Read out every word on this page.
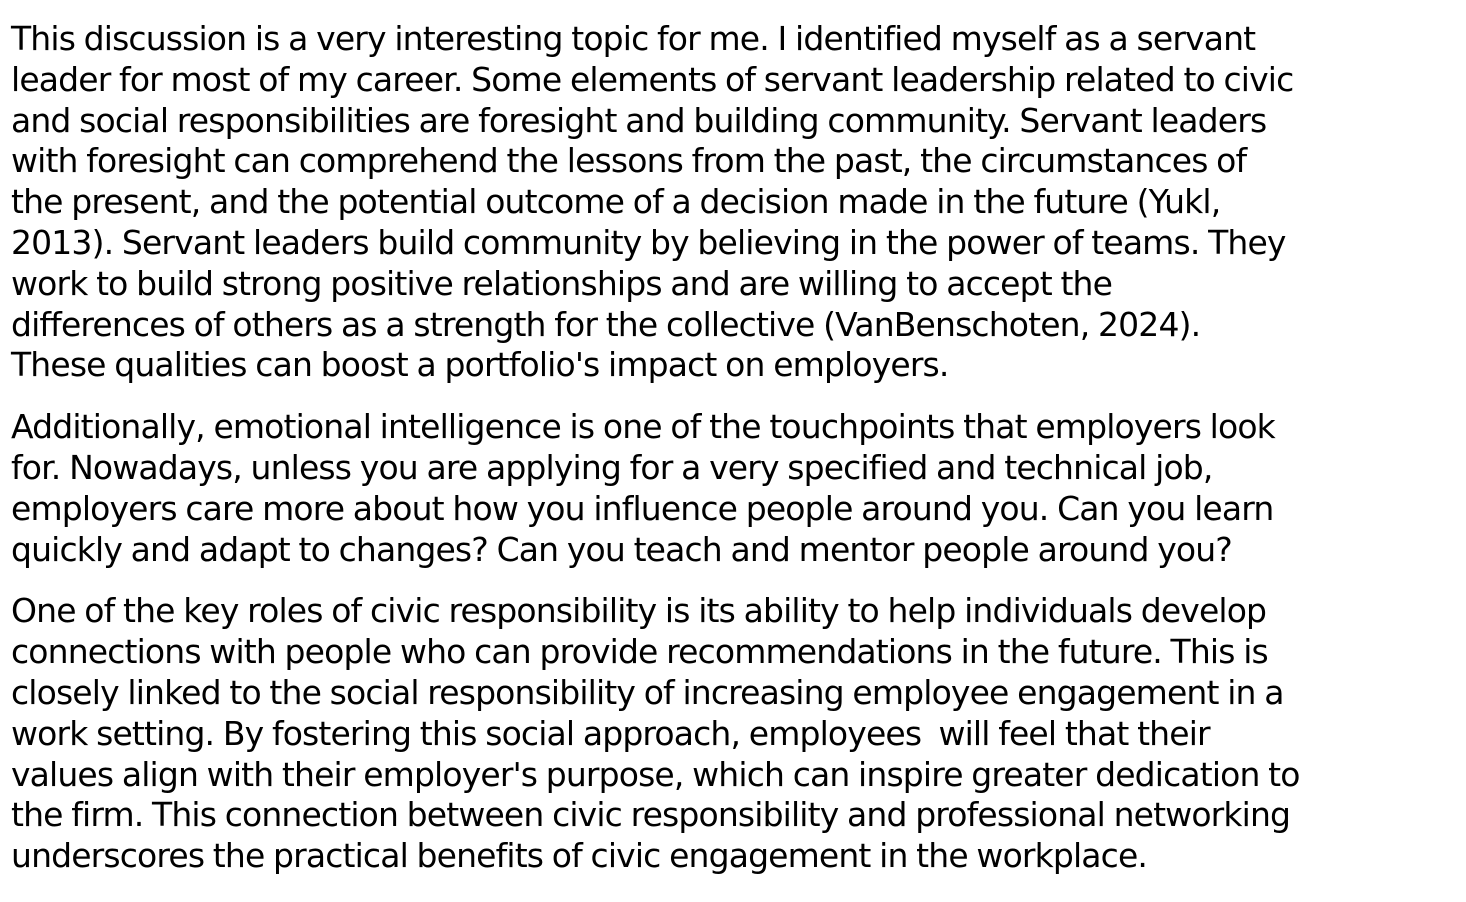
This discussion is a very interesting topic for me. I identified myself as a servant
leader for most of my career. Some elements of servant leadership related to civic
and social responsibilities are foresight and building community. Servant leaders
with foresight can comprehend the lessons from the past, the circumstances of
the present, and the potential outcome of a decision made in the future (Yukl,
2013). Servant leaders build community by believing in the power of teams. They
work to build strong positive relationships and are willing to accept the
differences of others as a strength for the collective (VanBenschoten, 2024).
These qualities can boost a portfolio's impact on employers.

Additionally, emotional intelligence is one of the touchpoints that employers look
for. Nowadays, unless you are applying for a very specified and technical job,
employers care more about how you influence people around you. Can you learn
quickly and adapt to changes? Can you teach and mentor people around you?

One of the key roles of civic responsibility is its ability to help individuals develop
connections with people who can provide recommendations in the future. This is
closely linked to the social responsibility of increasing employee engagement in a
work setting. By fostering this social approach, employees  will feel that their
values align with their employer's purpose, which can inspire greater dedication to
the firm. This connection between civic responsibility and professional networking
underscores the practical benefits of civic engagement in the workplace.
